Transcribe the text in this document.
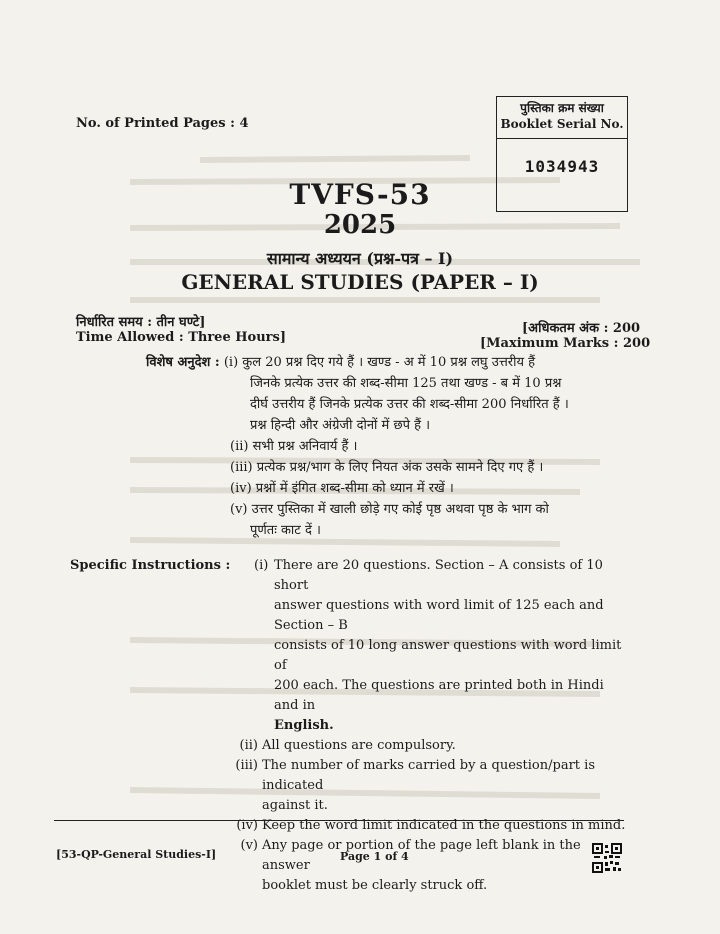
No. of Printed Pages : 4
पुस्तिका क्रम संख्या
Booklet Serial No.
1034943
TVFS-53
2025
सामान्य अध्ययन (प्रश्न-पत्र – I)
GENERAL STUDIES (PAPER – I)
निर्धारित समय : तीन घण्टे]
Time Allowed : Three Hours]
[अधिकतम अंक : 200
[Maximum Marks : 200
विशेष अनुदेश : (i) कुल 20 प्रश्न दिए गये हैं । खण्ड - अ में 10 प्रश्न लघु उत्तरीय हैं
जिनके प्रत्येक उत्तर की शब्द-सीमा 125 तथा खण्ड - ब में 10 प्रश्न
दीर्घ उत्तरीय हैं जिनके प्रत्येक उत्तर की शब्द-सीमा 200 निर्धारित हैं ।
प्रश्न हिन्दी और अंग्रेजी दोनों में छपे हैं ।
(ii) सभी प्रश्न अनिवार्य हैं ।
(iii) प्रत्येक प्रश्न/भाग के लिए नियत अंक उसके सामने दिए गए हैं ।
(iv) प्रश्नों में इंगित शब्द-सीमा को ध्यान में रखें ।
(v) उत्तर पुस्तिका में खाली छोड़े गए कोई पृष्ठ अथवा पृष्ठ के भाग को
पूर्णतः काट दें ।
Specific Instructions :	(i) There are 20 questions. Section – A consists of 10 short
answer questions with word limit of 125 each and Section – B
consists of 10 long answer questions with word limit of
200 each. The questions are printed both in Hindi and in
English.
(ii) All questions are compulsory.
(iii) The number of marks carried by a question/part is indicated
against it.
(iv) Keep the word limit indicated in the questions in mind.
(v) Any page or portion of the page left blank in the answer
booklet must be clearly struck off.
[53-QP-General Studies-I]	Page 1 of 4
